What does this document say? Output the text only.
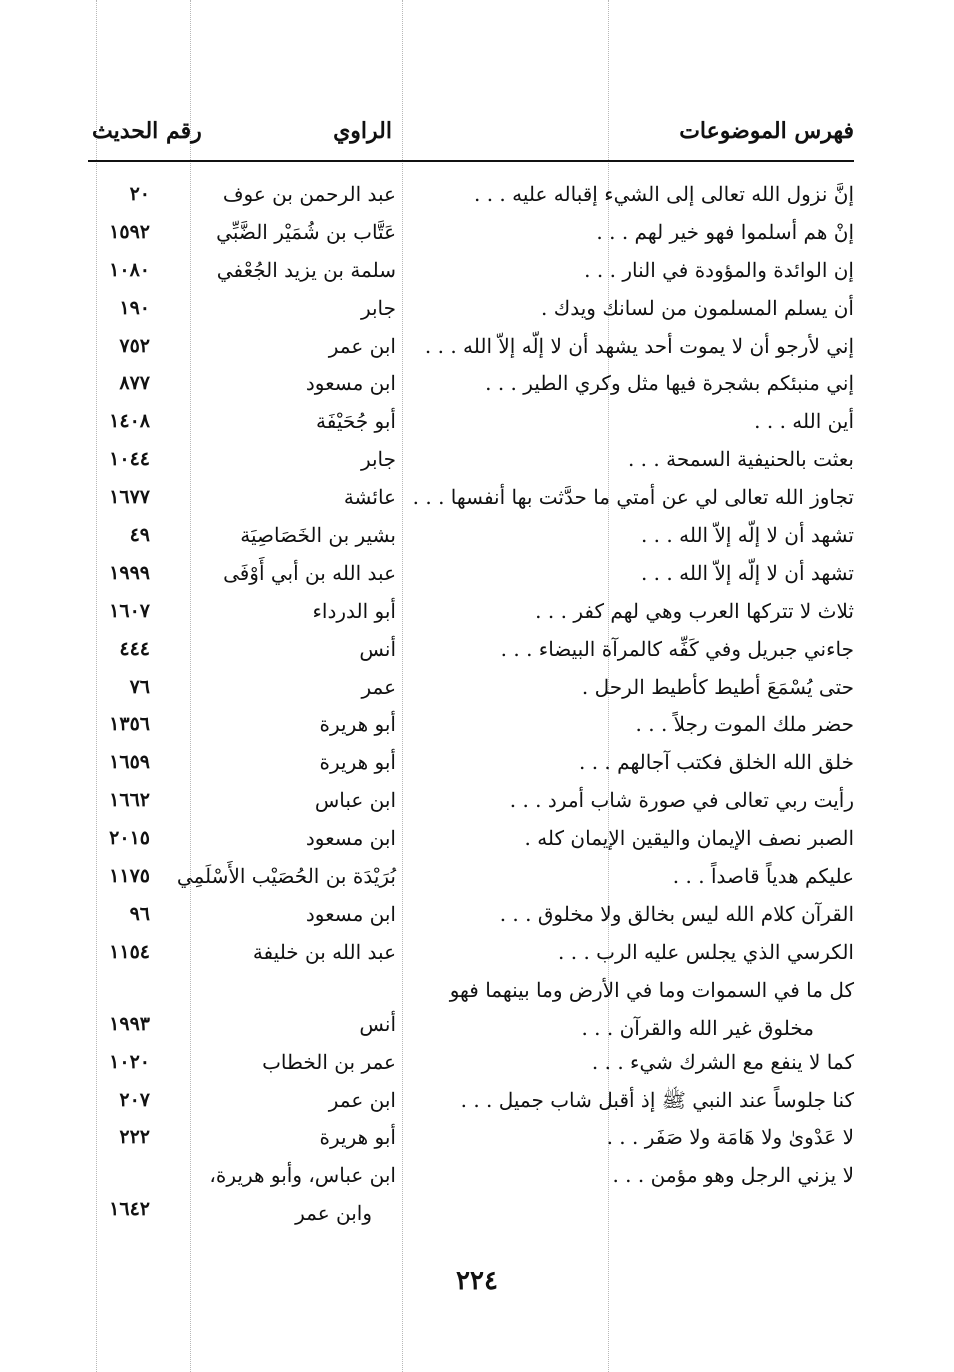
فهرس الموضوعات
الراوي
رقم الحديث
إنَّ نزول الله تعالى إلى الشيء إقباله عليه . . .
عبد الرحمن بن عوف
٢٠
إنْ هم أسلموا فهو خير لهم . . .
عَتَّاب بن شُمَيْر الضَّبِّي
١٥٩٢
إن الوائدة والمؤودة في النار . . .
سلمة بن يزيد الجُعْفي
١٠٨٠
أن يسلم المسلمون من لسانك ويدك .
جابر
١٩٠
إني لأرجو أن لا يموت أحد يشهد أن لا إلّه إلاّ الله . . .
ابن عمر
٧٥٢
إني منبئكم بشجرة فيها مثل وكري الطير . . .
ابن مسعود
٨٧٧
أين الله . . .
أبو جُحَيْفَة
١٤٠٨
بعثت بالحنيفية السمحة . . .
جابر
١٠٤٤
تجاوز الله تعالى لي عن أمتي ما حدَّثت بها أنفسها . . .
عائشة
١٦٧٧
تشهد أن لا إلّه إلاّ الله . . .
بشير بن الخَصَاصِيَة
٤٩
تشهد أن لا إلّه إلاّ الله . . .
عبد الله بن أبي أَوْفَى
١٩٩٩
ثلاث لا تتركها العرب وهي لهم كفر . . .
أبو الدرداء
١٦٠٧
جاءني جبريل وفي كَفِّه كالمرآة البيضاء . . .
أنس
٤٤٤
حتى يُسْمَعَ أطيط كأطيط الرحل .
عمر
٧٦
حضر ملك الموت رجلاً . . .
أبو هريرة
١٣٥٦
خلق الله الخلق فكتب آجالهم . . .
أبو هريرة
١٦٥٩
رأيت ربي تعالى في صورة شاب أمرد . . .
ابن عباس
١٦٦٢
الصبر نصف الإيمان واليقين الإيمان كله .
ابن مسعود
٢٠١٥
عليكم هدياً قاصداً . . .
بُرَيْدَة بن الحُصَيْب الأَسْلَمِي
١١٧٥
القرآن كلام الله ليس بخالق ولا مخلوق . . .
ابن مسعود
٩٦
الكرسي الذي يجلس عليه الرب . . .
عبد الله بن خليفة
١١٥٤
كل ما في السموات وما في الأرض وما بينهما فهو
مخلوق غير الله والقرآن . . .
أنس
١٩٩٣
كما لا ينفع مع الشرك شيء . . .
عمر بن الخطاب
١٠٢٠
كنا جلوساً عند النبي ﷺ إذ أقبل شاب جميل . . .
ابن عمر
٢٠٧
لا عَدْوىٰ ولا هَامَة ولا صَفَر . . .
أبو هريرة
٢٢٢
لا يزني الرجل وهو مؤمن . . .
ابن عباس، وأبو هريرة،
وابن عمر
١٦٤٢
٢٢٤
